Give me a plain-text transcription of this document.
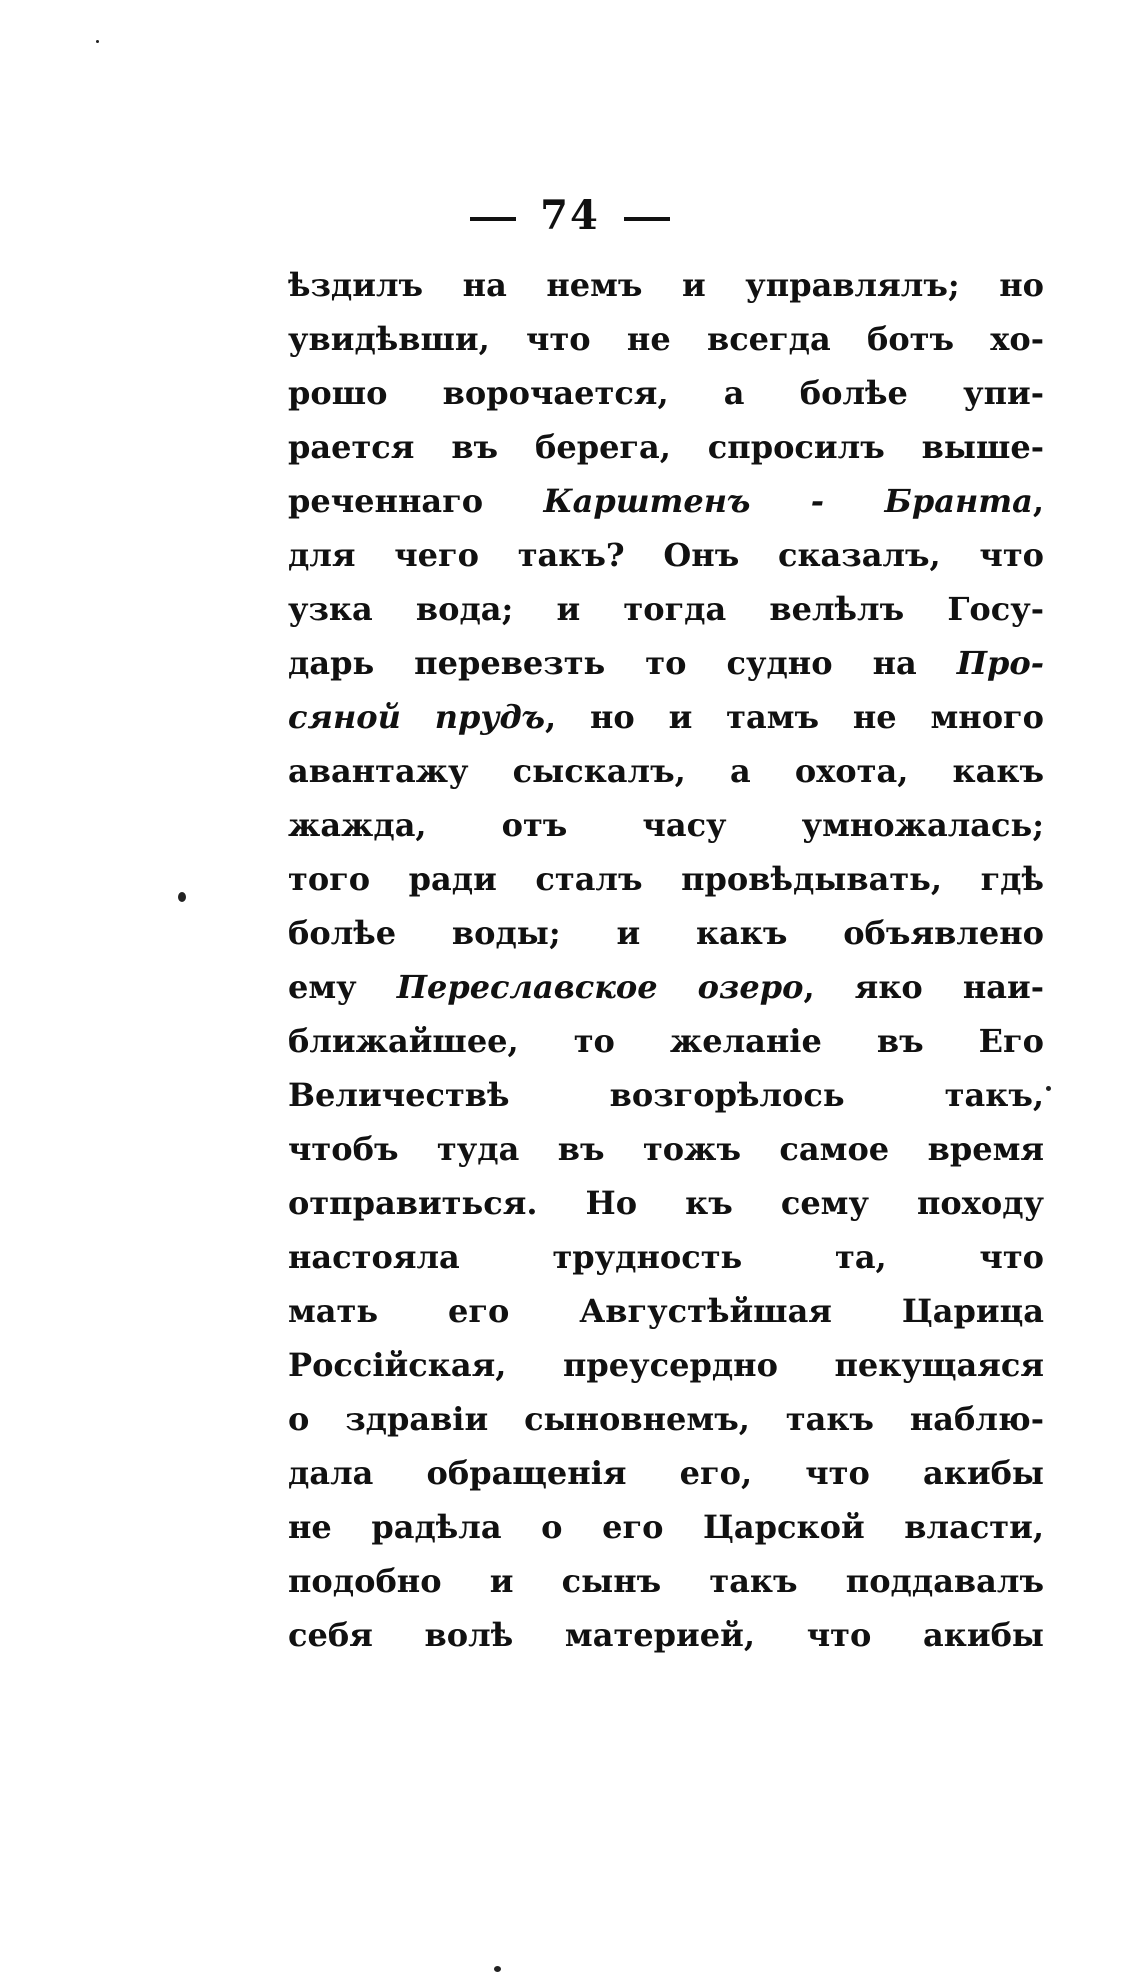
74
ѣздилъ на немъ и управлялъ; но
увидѣвши, что не всегда ботъ хо-
рошо ворочается, а болѣе упи-
рается въ берега, спросилъ выше-
реченнаго Карштенъ - Бранта,
для чего такъ? Онъ сказалъ, что
узка вода; и тогда велѣлъ Госу-
дарь перевезть то судно на Про-
сяной прудъ, но и тамъ не много
авантажу сыскалъ, а охота, какъ
жажда, отъ часу умножалась;
того ради сталъ провѣдывать, гдѣ
болѣе воды; и какъ объявлено
ему Переславское озеро, яко наи-
ближайшее, то желаніе въ Его
Величествѣ возгорѣлось такъ,
чтобъ туда въ тожъ самое время
отправиться. Но къ сему походу
настояла трудность та, что
мать его Августѣйшая Царица
Россійская, преусердно пекущаяся
о здравіи сыновнемъ, такъ наблю-
дала обращенія его, что акибы
не радѣла о его Царской власти,
подобно и сынъ такъ поддавалъ
себя волѣ материей, что акибы
